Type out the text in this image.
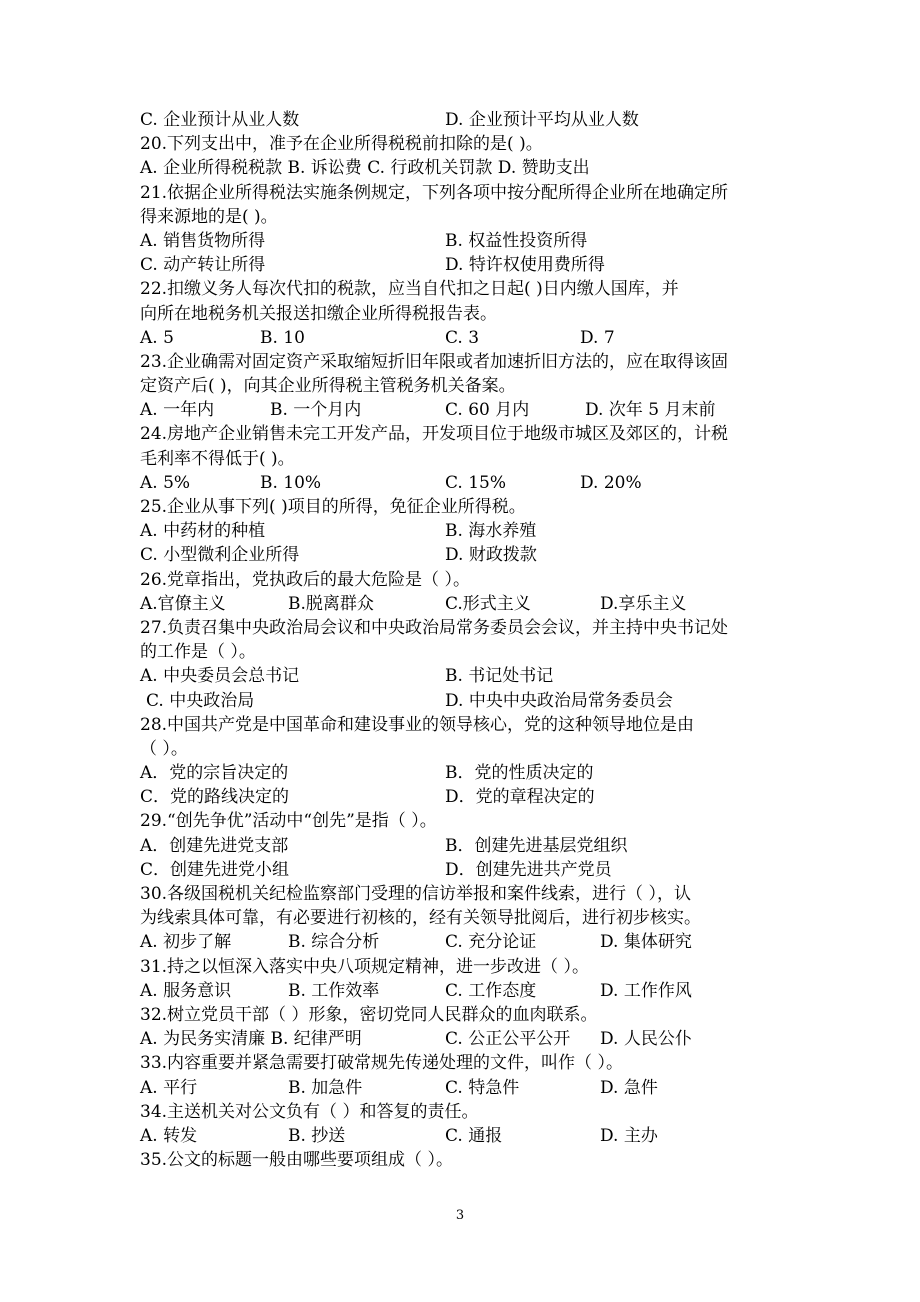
C. 企业预计从业人数	D. 企业预计平均从业人数
20.下列支出中，准予在企业所得税税前扣除的是( )。
A. 企业所得税税款 B. 诉讼费 C. 行政机关罚款 D. 赞助支出
21.依据企业所得税法实施条例规定，下列各项中按分配所得企业所在地确定所
得来源地的是( )。
A. 销售货物所得	B. 权益性投资所得
C. 动产转让所得	D. 特许权使用费所得
22.扣缴义务人每次代扣的税款，应当自代扣之日起( )日内缴人国库，并
向所在地税务机关报送扣缴企业所得税报告表。
A. 5	B. 10	C. 3	D. 7
23.企业确需对固定资产采取缩短折旧年限或者加速折旧方法的，应在取得该固
定资产后( )，向其企业所得税主管税务机关备案。
A. 一年内	B. 一个月内	C. 60 月内	D. 次年 5 月末前
24.房地产企业销售未完工开发产品，开发项目位于地级市城区及郊区的，计税
毛利率不得低于( )。
A. 5%	B. 10%	C. 15%	D. 20%
25.企业从事下列( )项目的所得，免征企业所得税。
A. 中药材的种植	B. 海水养殖
C. 小型微利企业所得	D. 财政拨款
26.党章指出，党执政后的最大危险是（ ）。
A.官僚主义	B.脱离群众	C.形式主义	D.享乐主义
27.负责召集中央政治局会议和中央政治局常务委员会会议，并主持中央书记处
的工作是（ ）。
A. 中央委员会总书记	B. 书记处书记
C. 中央政治局	D. 中央中央政治局常务委员会
28.中国共产党是中国革命和建设事业的领导核心，党的这种领导地位是由
（ ）。
A．党的宗旨决定的	B．党的性质决定的
C．党的路线决定的	D．党的章程决定的
29.“创先争优”活动中“创先”是指（ ）。
A．创建先进党支部	B．创建先进基层党组织
C．创建先进党小组	D．创建先进共产党员
30.各级国税机关纪检监察部门受理的信访举报和案件线索，进行（ ），认
为线索具体可靠，有必要进行初核的，经有关领导批阅后，进行初步核实。
A. 初步了解	B. 综合分析	C. 充分论证	D. 集体研究
31.持之以恒深入落实中央八项规定精神，进一步改进（ ）。
A. 服务意识	B. 工作效率	C. 工作态度	D. 工作作风
32.树立党员干部（ ）形象，密切党同人民群众的血肉联系。
A. 为民务实清廉 B. 纪律严明	C. 公正公平公开 D. 人民公仆
33.内容重要并紧急需要打破常规先传递处理的文件，叫作（ ）。
A. 平行	B. 加急件	C. 特急件	D. 急件
34.主送机关对公文负有（ ）和答复的责任。
A. 转发	B. 抄送	C. 通报	D. 主办
35.公文的标题一般由哪些要项组成（ ）。
3
